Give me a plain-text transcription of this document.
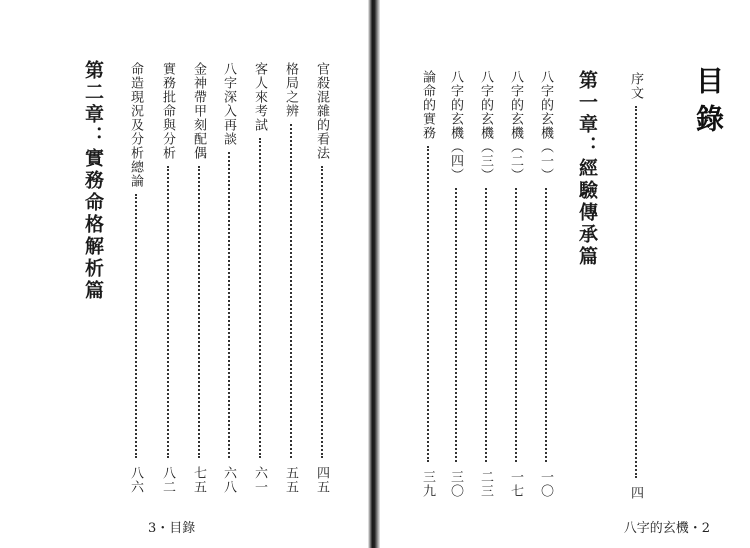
官殺混雜的看法
四五
格局之辨
五五
客人來考試
六一
八字深入再談
六八
金神帶甲刻配偶
七五
實務批命與分析
八二
命造現況及分析總論
八六
第二章：實務命格解析篇
3・目錄
目錄
序文
四
第一章：經驗傳承篇
八字的玄機（一）
一〇
八字的玄機（二）
一七
八字的玄機（三）
二三
八字的玄機（四）
三〇
論命的實務
三九
八字的玄機・2
